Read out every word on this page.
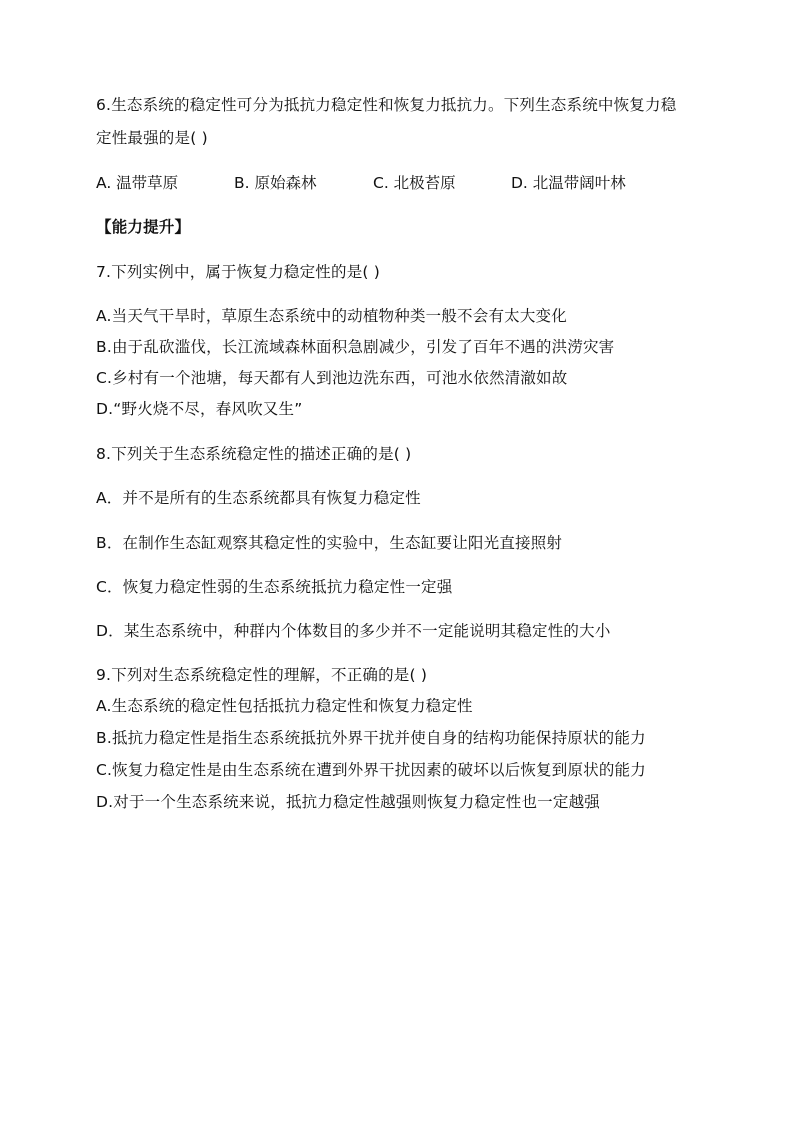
6.生态系统的稳定性可分为抵抗力稳定性和恢复力抵抗力。下列生态系统中恢复力稳
定性最强的是( )
A. 温带草原	B. 原始森林	C. 北极苔原	D. 北温带阔叶林
【能力提升】
7.下列实例中，属于恢复力稳定性的是( )
A.当天气干旱时，草原生态系统中的动植物种类一般不会有太大变化
B.由于乱砍滥伐，长江流域森林面积急剧减少，引发了百年不遇的洪涝灾害
C.乡村有一个池塘，每天都有人到池边洗东西，可池水依然清澈如故
D.“野火烧不尽，春风吹又生”
8.下列关于生态系统稳定性的描述正确的是( )
A．并不是所有的生态系统都具有恢复力稳定性
B．在制作生态缸观察其稳定性的实验中，生态缸要让阳光直接照射
C．恢复力稳定性弱的生态系统抵抗力稳定性一定强
D．某生态系统中，种群内个体数目的多少并不一定能说明其稳定性的大小
9.下列对生态系统稳定性的理解，不正确的是( )
A.生态系统的稳定性包括抵抗力稳定性和恢复力稳定性
B.抵抗力稳定性是指生态系统抵抗外界干扰并使自身的结构功能保持原状的能力
C.恢复力稳定性是由生态系统在遭到外界干扰因素的破坏以后恢复到原状的能力
D.对于一个生态系统来说，抵抗力稳定性越强则恢复力稳定性也一定越强
